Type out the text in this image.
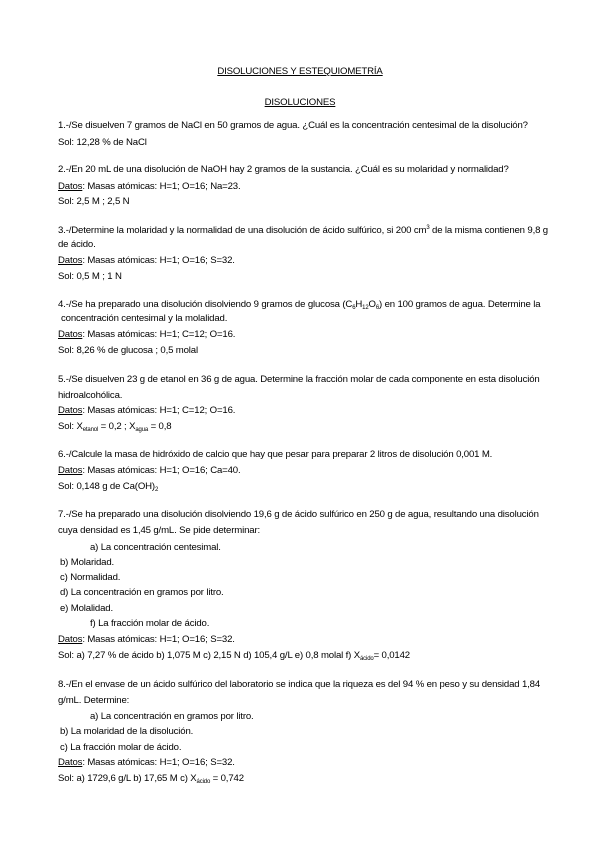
DISOLUCIONES Y ESTEQUIOMETRÍA
DISOLUCIONES
1.-/Se disuelven 7 gramos de NaCl en 50 gramos de agua. ¿Cuál es la concentración centesimal de la disolución?
Sol: 12,28 % de NaCl
2.-/En 20 mL de una disolución de NaOH hay 2 gramos de la sustancia. ¿Cuál es su molaridad y normalidad?
Datos: Masas atómicas: H=1; O=16; Na=23.
Sol: 2,5 M ; 2,5 N
3.-/Determine la molaridad y la normalidad de una disolución de ácido sulfúrico, si 200 $cm^3$ de la misma contienen 9,8 g
de ácido.
Datos: Masas atómicas: H=1; O=16; S=32.
Sol: 0,5 M ; 1 N
4.-/Se ha preparado una disolución disolviendo 9 gramos de glucosa $(C_6H_{12}O_6)$ en 100 gramos de agua. Determine la
concentración centesimal y la molalidad.
Datos: Masas atómicas: H=1; C=12; O=16.
Sol: 8,26 % de glucosa ; 0,5 molal
5.-/Se disuelven 23 g de etanol en 36 g de agua. Determine la fracción molar de cada componente en esta disolución
hidroalcohólica.
Datos: Masas atómicas: H=1; C=12; O=16.
Sol: $X_{etanol} = 0,2$ ; $X_{agua} = 0,8$
6.-/Calcule la masa de hidróxido de calcio que hay que pesar para preparar 2 litros de disolución 0,001 M.
Datos: Masas atómicas: H=1; O=16; Ca=40.
Sol: 0,148 g de $Ca(OH)_2$
7.-/Se ha preparado una disolución disolviendo 19,6 g de ácido sulfúrico en 250 g de agua, resultando una disolución
cuya densidad es 1,45 g/mL. Se pide determinar:
a) La concentración centesimal.
b) Molaridad.
c) Normalidad.
d) La concentración en gramos por litro.
e) Molalidad.
f) La fracción molar de ácido.
Datos: Masas atómicas: H=1; O=16; S=32.
Sol: a) 7,27 % de ácido b) 1,075 M c) 2,15 N d) 105,4 g/L e) 0,8 molal f) $X_{ácido}= 0,0142$
8.-/En el envase de un ácido sulfúrico del laboratorio se indica que la riqueza es del 94 % en peso y su densidad 1,84
g/mL. Determine:
a) La concentración en gramos por litro.
b) La molaridad de la disolución.
c) La fracción molar de ácido.
Datos: Masas atómicas: H=1; O=16; S=32.
Sol: a) 1729,6 g/L b) 17,65 M c) $X_{ácido} = 0,742$
